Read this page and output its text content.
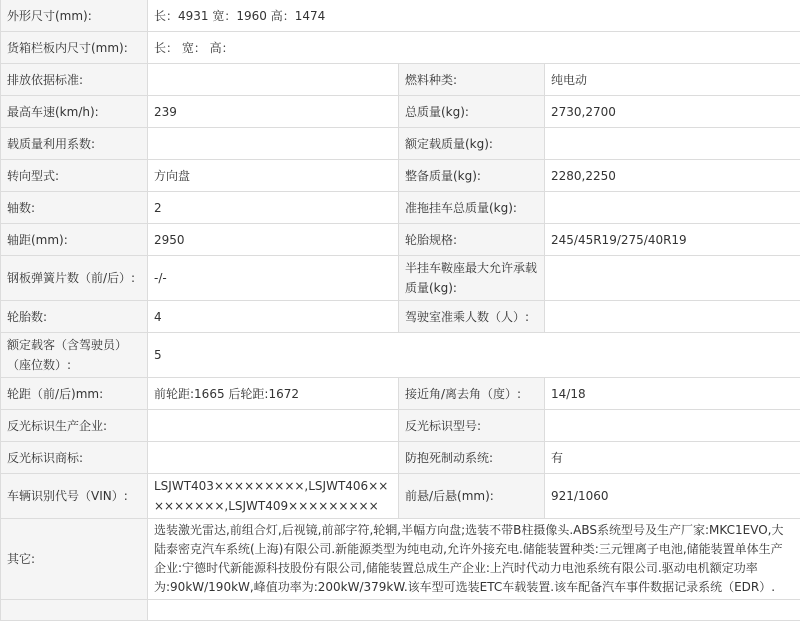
外形尺寸(mm):	长：4931 宽：1960 高：1474		
货箱栏板内尺寸(mm):	长： 宽： 高：		
排放依据标准:		燃料种类:	纯电动
最高车速(km/h):	239	总质量(kg):	2730,2700
载质量利用系数:		额定载质量(kg):	
转向型式:	方向盘	整备质量(kg):	2280,2250
轴数:	2	准拖挂车总质量(kg):	
轴距(mm):	2950	轮胎规格:	245/45R19/275/40R19
钢板弹簧片数（前/后）:	-/-	半挂车鞍座最大允许承载质量(kg):	
轮胎数:	4	驾驶室准乘人数（人）:	
额定载客（含驾驶员）（座位数）:	5		
轮距（前/后)mm:	前轮距:1665 后轮距:1672	接近角/离去角（度）:	14/18
反光标识生产企业:		反光标识型号:	
反光标识商标:		防抱死制动系统:	有
车辆识别代号（VIN）:	LSJWT403×××××××××,LSJWT406×××××××××,LSJWT409×××××××××	前悬/后悬(mm):	921/1060
其它:	选装激光雷达,前组合灯,后视镜,前部字符,轮辋,半幅方向盘;选装不带B柱摄像头.ABS系统型号及生产厂家:MKC1EVO,大陆泰密克汽车系统(上海)有限公司.新能源类型为纯电动,允许外接充电.储能装置种类:三元锂离子电池,储能装置单体生产企业:宁德时代新能源科技股份有限公司,储能装置总成生产企业:上汽时代动力电池系统有限公司.驱动电机额定功率为:90kW/190kW,峰值功率为:200kW/379kW.该车型可选装ETC车载装置.该车配备汽车事件数据记录系统（EDR）.		
